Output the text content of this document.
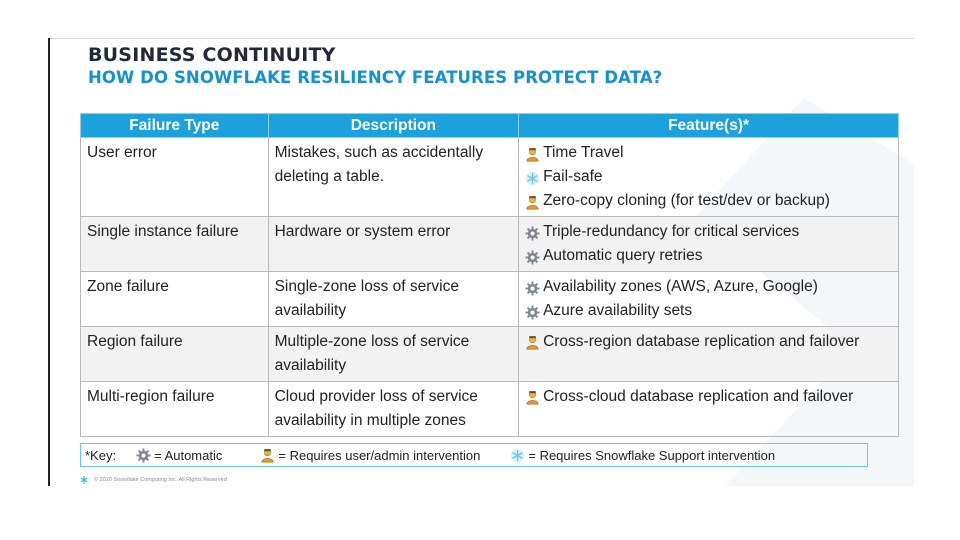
BUSINESS CONTINUITY
HOW DO SNOWFLAKE RESILIENCY FEATURES PROTECT DATA?
Failure Type	Description	Feature(s)*
User error	Mistakes, such as accidentally deleting a table.	Time Travel
Fail-safe
Zero-copy cloning (for test/dev or backup)

Single instance failure	Hardware or system error	Triple-redundancy for critical services
Automatic query retries

Zone failure	Single-zone loss of service availability	Availability zones (AWS, Azure, Google)
Azure availability sets

Region failure	Multiple-zone loss of service availability	Cross-region database replication and failover

Multi-region failure	Cloud provider loss of service availability in multiple zones	Cross-cloud database replication and failover
*Key:	= Automatic	= Requires user/admin intervention	= Requires Snowflake Support intervention
© 2020 Snowflake Computing Inc. All Rights Reserved
